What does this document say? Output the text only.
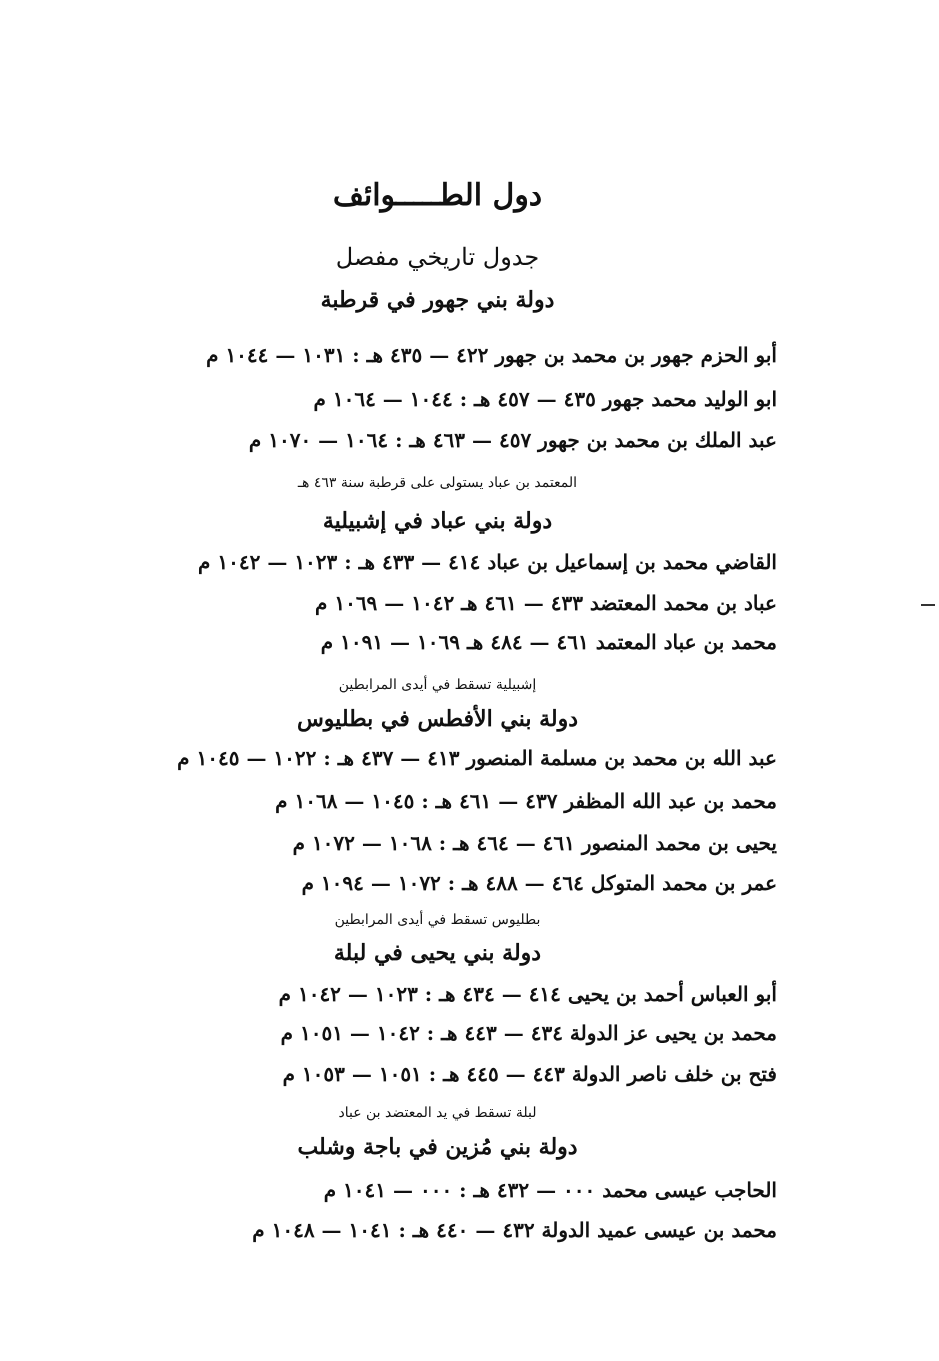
دول الطـــــوائف
جدول تاريخي مفصل
دولة بني جهور في قرطبة
أبو الحزم جهور بن محمد بن جهور ٤٢٢ — ٤٣٥ هـ : ١٠٣١ — ١٠٤٤ م
ابو الوليد محمد جهور ٤٣٥ — ٤٥٧ هـ : ١٠٤٤ — ١٠٦٤ م
عبد الملك بن محمد بن جهور ٤٥٧ — ٤٦٣ هـ : ١٠٦٤ — ١٠٧٠ م
المعتمد بن عباد يستولى على قرطبة سنة ٤٦٣ هـ
دولة بني عباد في إشبيلية
القاضي محمد بن إسماعيل بن عباد ٤١٤ — ٤٣٣ هـ : ١٠٢٣ — ١٠٤٢ م
عباد بن محمد المعتضد ٤٣٣ — ٤٦١ هـ ١٠٤٢ — ١٠٦٩ م
محمد بن عباد المعتمد ٤٦١ — ٤٨٤ هـ ١٠٦٩ — ١٠٩١ م
إشبيلية تسقط في أيدى المرابطين
دولة بني الأفطس في بطليوس
عبد الله بن محمد بن مسلمة المنصور ٤١٣ — ٤٣٧ هـ : ١٠٢٢ — ١٠٤٥ م
محمد بن عبد الله المظفر ٤٣٧ — ٤٦١ هـ : ١٠٤٥ — ١٠٦٨ م
يحيى بن محمد المنصور ٤٦١ — ٤٦٤ هـ : ١٠٦٨ — ١٠٧٢ م
عمر بن محمد المتوكل ٤٦٤ — ٤٨٨ هـ : ١٠٧٢ — ١٠٩٤ م
بطليوس تسقط في أيدى المرابطين
دولة بني يحيى في لبلة
أبو العباس أحمد بن يحيى ٤١٤ — ٤٣٤ هـ : ١٠٢٣ — ١٠٤٢ م
محمد بن يحيى عز الدولة ٤٣٤ — ٤٤٣ هـ : ١٠٤٢ — ١٠٥١ م
فتح بن خلف ناصر الدولة ٤٤٣ — ٤٤٥ هـ : ١٠٥١ — ١٠٥٣ م
لبلة تسقط في يد المعتضد بن عباد
دولة بني مُزين في باجة وشلب
الحاجب عيسى محمد ٠٠٠ — ٤٣٢ هـ : ٠٠٠ — ١٠٤١ م
محمد بن عيسى عميد الدولة ٤٣٢ — ٤٤٠ هـ : ١٠٤١ — ١٠٤٨ م
